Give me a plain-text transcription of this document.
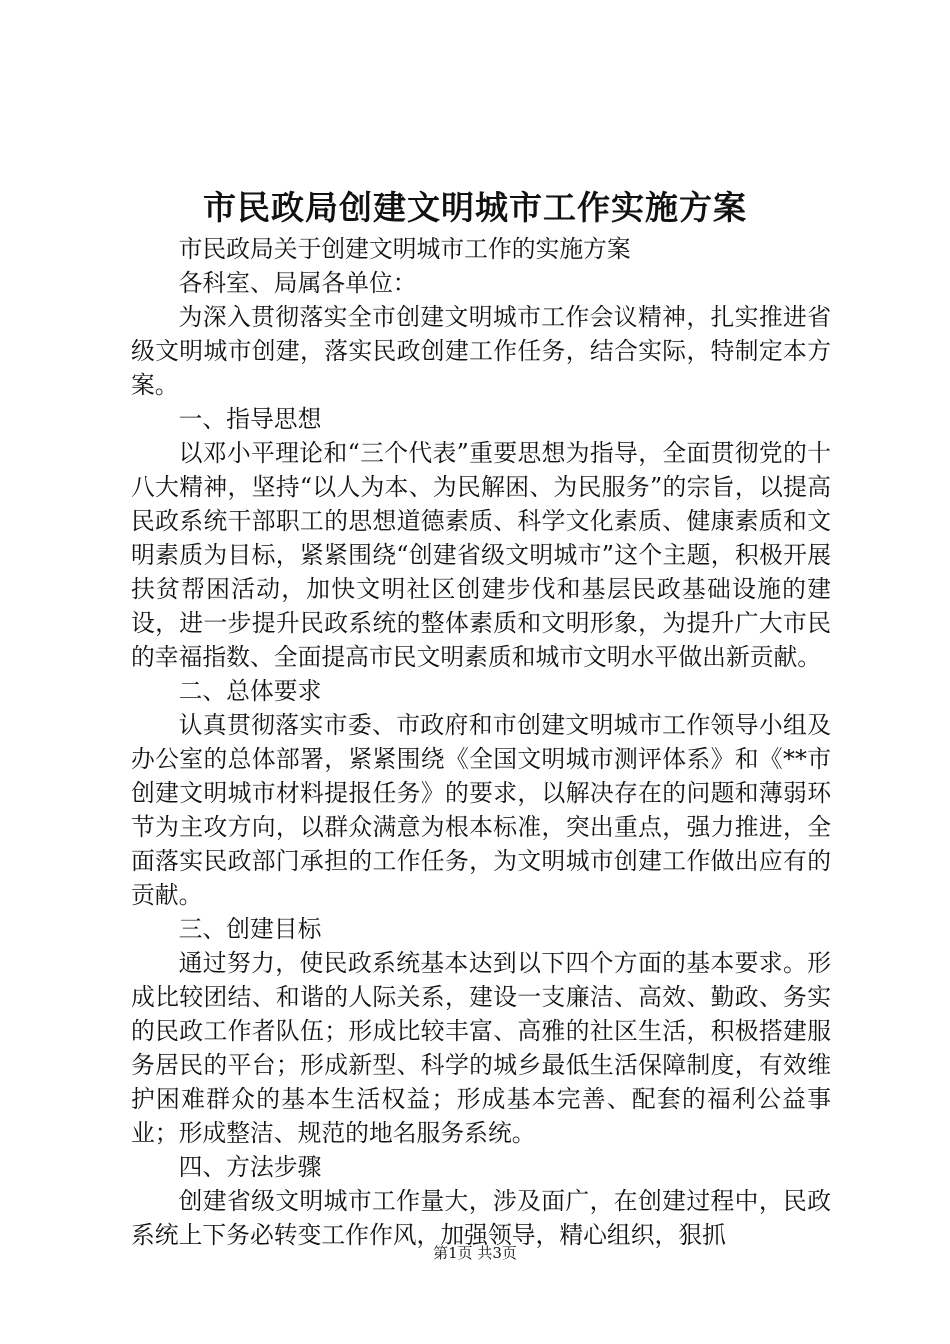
市民政局创建文明城市工作实施方案

市民政局关于创建文明城市工作的实施方案

各科室、局属各单位：

为深入贯彻落实全市创建文明城市工作会议精神，扎实推进省级文明城市创建，落实民政创建工作任务，结合实际，特制定本方案。

一、指导思想

以邓小平理论和“三个代表”重要思想为指导，全面贯彻党的十八大精神，坚持“以人为本、为民解困、为民服务”的宗旨，以提高民政系统干部职工的思想道德素质、科学文化素质、健康素质和文明素质为目标，紧紧围绕“创建省级文明城市”这个主题，积极开展扶贫帮困活动，加快文明社区创建步伐和基层民政基础设施的建设，进一步提升民政系统的整体素质和文明形象，为提升广大市民的幸福指数、全面提高市民文明素质和城市文明水平做出新贡献。

二、总体要求

认真贯彻落实市委、市政府和市创建文明城市工作领导小组及办公室的总体部署，紧紧围绕《全国文明城市测评体系》和《**市创建文明城市材料提报任务》的要求，以解决存在的问题和薄弱环节为主攻方向，以群众满意为根本标准，突出重点，强力推进，全面落实民政部门承担的工作任务，为文明城市创建工作做出应有的贡献。

三、创建目标

通过努力，使民政系统基本达到以下四个方面的基本要求。形成比较团结、和谐的人际关系，建设一支廉洁、高效、勤政、务实的民政工作者队伍；形成比较丰富、高雅的社区生活，积极搭建服务居民的平台；形成新型、科学的城乡最低生活保障制度，有效维护困难群众的基本生活权益；形成基本完善、配套的福利公益事业；形成整洁、规范的地名服务系统。

四、方法步骤

创建省级文明城市工作量大，涉及面广，在创建过程中，民政系统上下务必转变工作作风，加强领导，精心组织，狠抓

第1页 共3页
